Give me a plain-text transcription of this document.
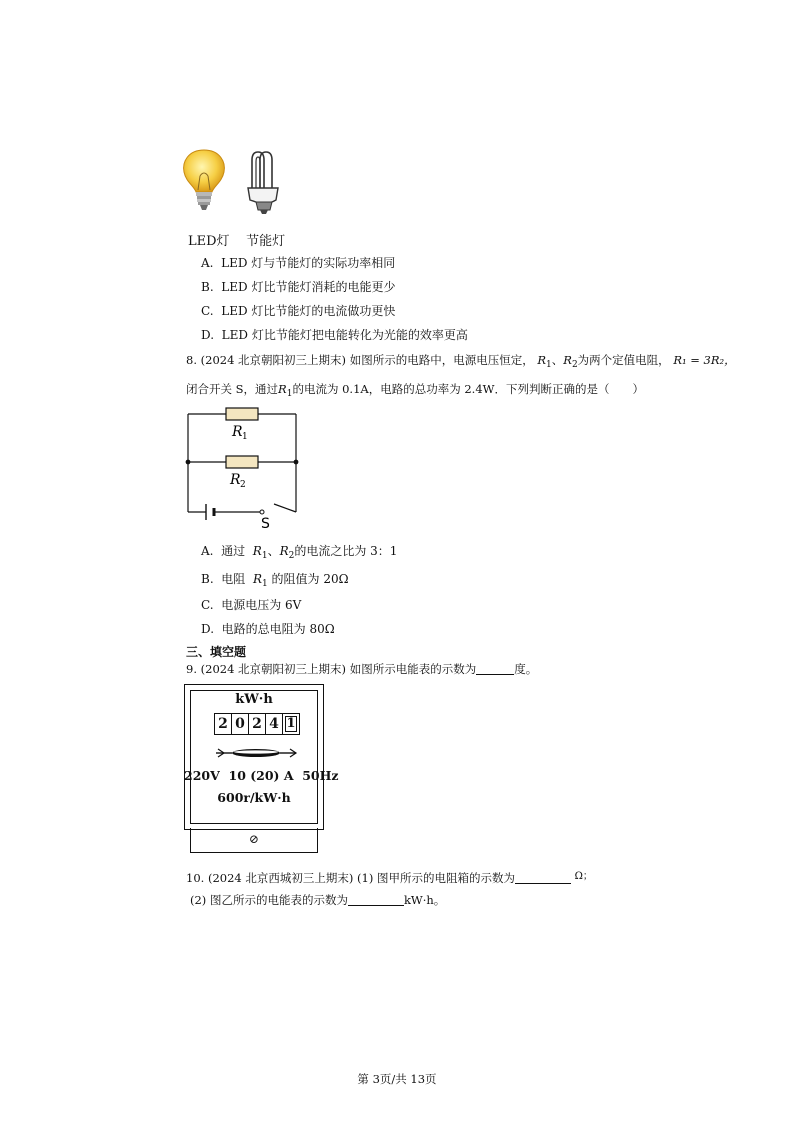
LED灯    节能灯
A. LED 灯与节能灯的实际功率相同
B. LED 灯比节能灯消耗的电能更少
C. LED 灯比节能灯的电流做功更快
D. LED 灯比节能灯把电能转化为光能的效率更高
8. (2024 北京朝阳初三上期末) 如图所示的电路中，电源电压恒定， $R_1$、$R_2$为两个定值电阻， R₁ = 3R₂，
闭合开关 S，通过$R_1$的电流为 0.1A，电路的总功率为 2.4W．下列判断正确的是（　　）
R 1
R 2
S
A. 通过 $R_1$、$R_2$的电流之比为 3：1
B. 电阻 $R_1$ 的阻值为 20Ω
C. 电源电压为 6V
D. 电路的总电阻为 80Ω
三、填空题
9. (2024 北京朝阳初三上期末) 如图所示电能表的示数为	度。
⊘
kW·h
2 0 2 4 1
220V  10 (20) A  50Hz
600r/kW·h
10. (2024 北京西城初三上期末) (1) 图甲所示的电阻箱的示数为	Ω；
(2) 图乙所示的电能表的示数为	kW·h。
第 3页/共 13页
